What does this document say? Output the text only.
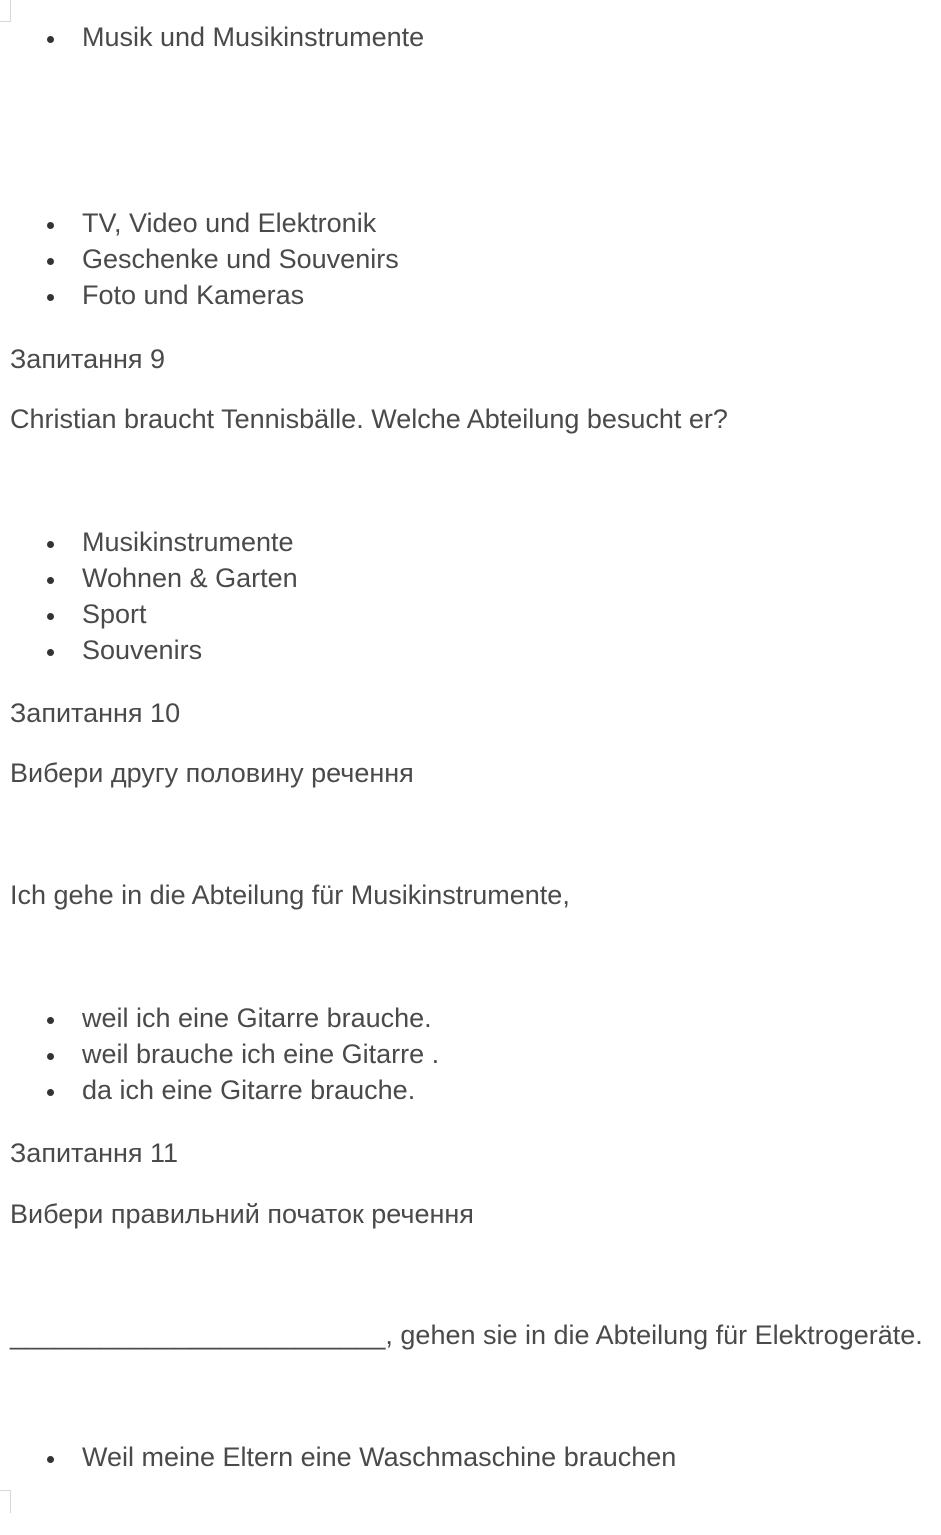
Musik und Musikinstrumente
TV, Video und Elektronik
Geschenke und Souvenirs
Foto und Kameras
Запитання 9
Christian braucht Tennisbälle. Welche Abteilung besucht er?
Musikinstrumente
Wohnen & Garten
Sport
Souvenirs
Запитання 10
Вибери другу половину речення
Ich gehe in die Abteilung für Musikinstrumente,
weil ich eine Gitarre brauche.
weil brauche ich eine Gitarre .
da ich eine Gitarre brauche.
Запитання 11
Вибери правильний початок речення
_________________________, gehen sie in die Abteilung für Elektrogeräte.
Weil meine Eltern eine Waschmaschine brauchen
